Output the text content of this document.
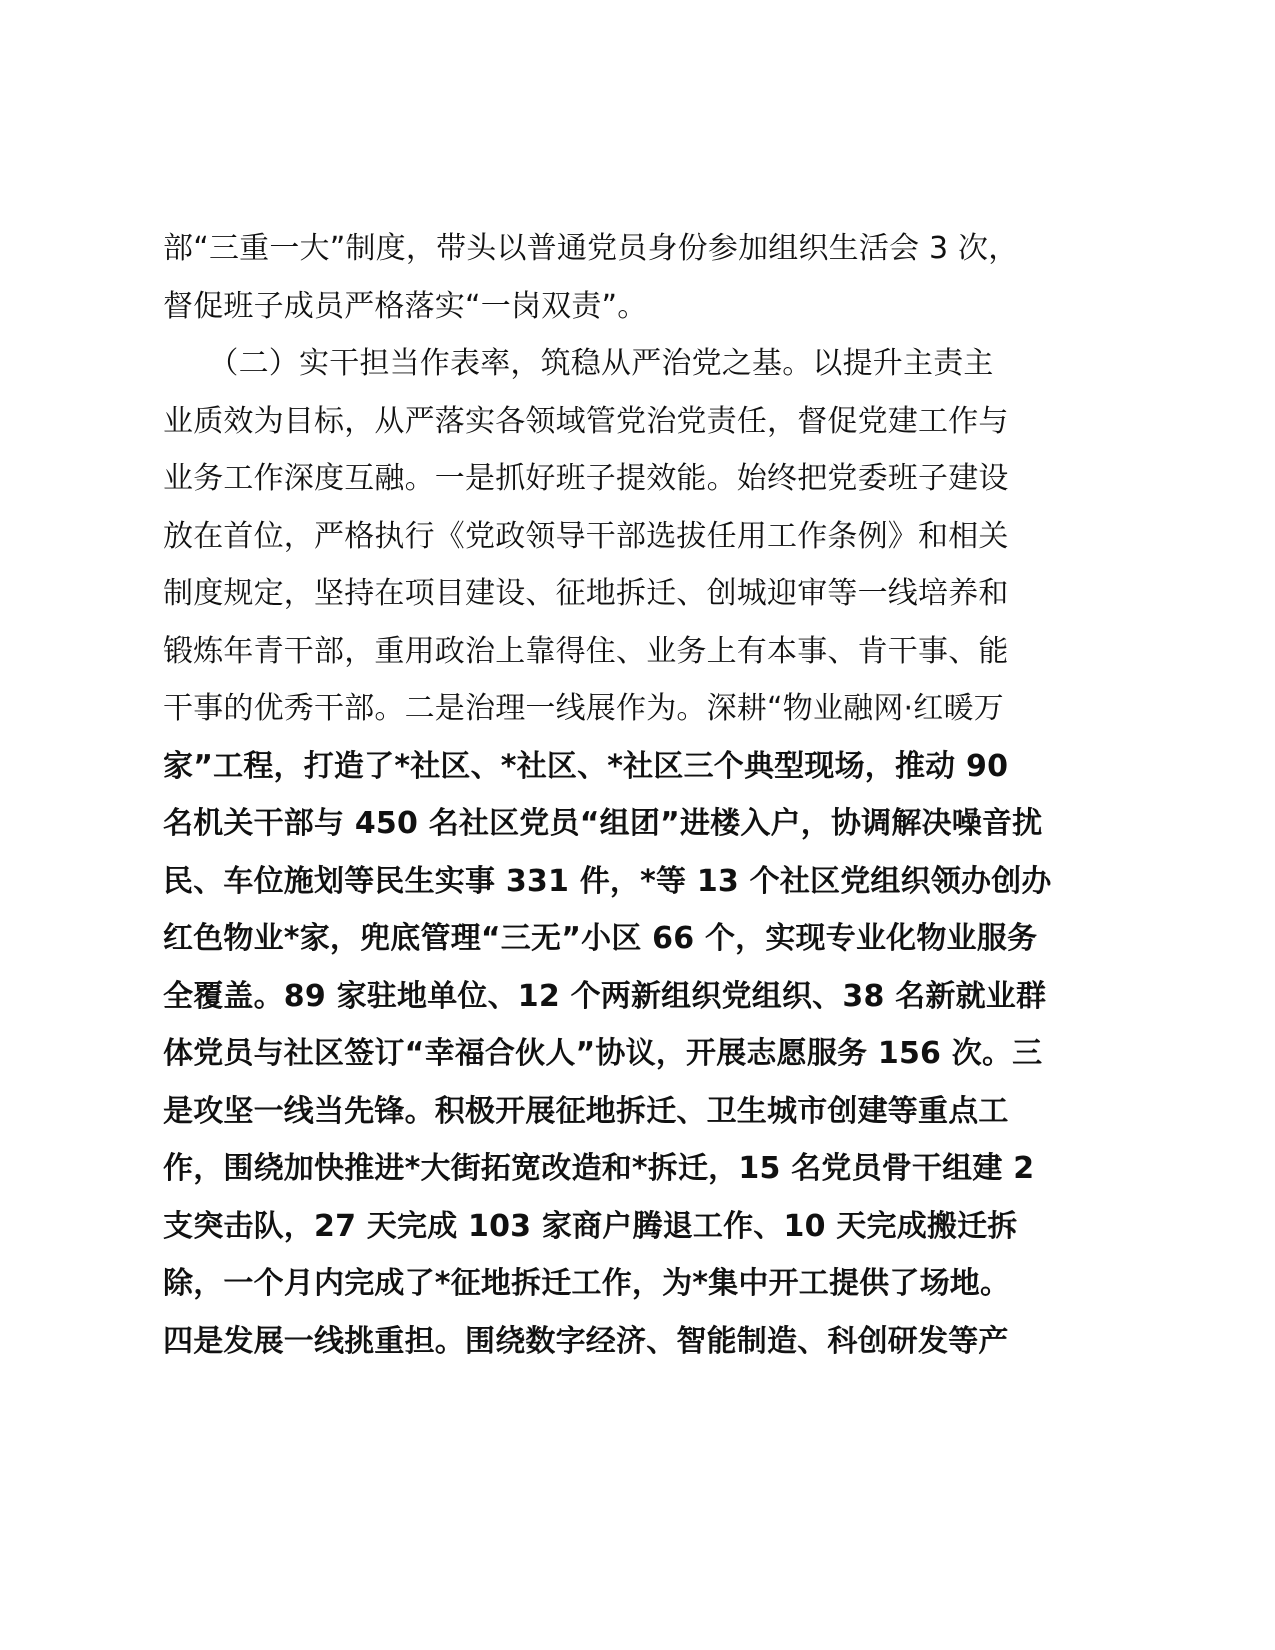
部“三重一大”制度，带头以普通党员身份参加组织生活会 3 次，
督促班子成员严格落实“一岗双责”。
　　（二）实干担当作表率，筑稳从严治党之基。以提升主责主
业质效为目标，从严落实各领域管党治党责任，督促党建工作与
业务工作深度互融。一是抓好班子提效能。始终把党委班子建设
放在首位，严格执行《党政领导干部选拔任用工作条例》和相关
制度规定，坚持在项目建设、征地拆迁、创城迎审等一线培养和
锻炼年青干部，重用政治上靠得住、业务上有本事、肯干事、能
干事的优秀干部。二是治理一线展作为。深耕“物业融网·红暖万
家”工程，打造了*社区、*社区、*社区三个典型现场，推动 90
名机关干部与 450 名社区党员“组团”进楼入户，协调解决噪音扰
民、车位施划等民生实事 331 件，*等 13 个社区党组织领办创办
红色物业*家，兜底管理“三无”小区 66 个，实现专业化物业服务
全覆盖。89 家驻地单位、12 个两新组织党组织、38 名新就业群
体党员与社区签订“幸福合伙人”协议，开展志愿服务 156 次。三
是攻坚一线当先锋。积极开展征地拆迁、卫生城市创建等重点工
作，围绕加快推进*大街拓宽改造和*拆迁，15 名党员骨干组建 2
支突击队，27 天完成 103 家商户腾退工作、10 天完成搬迁拆
除，一个月内完成了*征地拆迁工作，为*集中开工提供了场地。
四是发展一线挑重担。围绕数字经济、智能制造、科创研发等产
